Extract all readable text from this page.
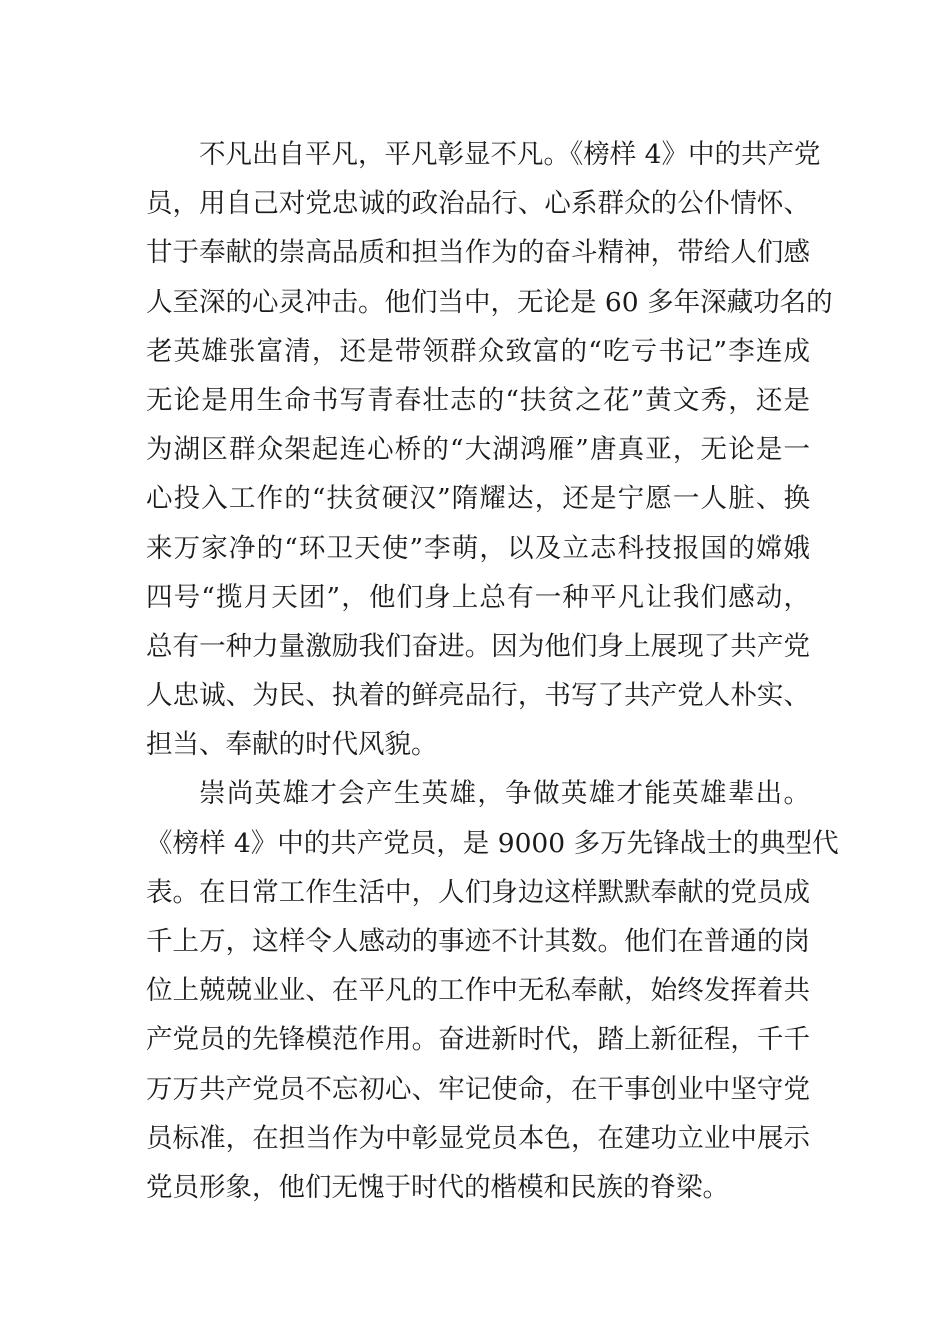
不凡出自平凡，平凡彰显不凡。《榜样 4》中的共产党
员，用自己对党忠诚的政治品行、心系群众的公仆情怀、
甘于奉献的崇高品质和担当作为的奋斗精神，带给人们感
人至深的心灵冲击。他们当中，无论是 60 多年深藏功名的
老英雄张富清，还是带领群众致富的“吃亏书记”李连成
无论是用生命书写青春壮志的“扶贫之花”黄文秀，还是
为湖区群众架起连心桥的“大湖鸿雁”唐真亚，无论是一
心投入工作的“扶贫硬汉”隋耀达，还是宁愿一人脏、换
来万家净的“环卫天使”李萌，以及立志科技报国的嫦娥
四号“揽月天团”，他们身上总有一种平凡让我们感动，
总有一种力量激励我们奋进。因为他们身上展现了共产党
人忠诚、为民、执着的鲜亮品行，书写了共产党人朴实、
担当、奉献的时代风貌。
崇尚英雄才会产生英雄，争做英雄才能英雄辈出。
《榜样 4》中的共产党员，是 9000 多万先锋战士的典型代
表。在日常工作生活中，人们身边这样默默奉献的党员成
千上万，这样令人感动的事迹不计其数。他们在普通的岗
位上兢兢业业、在平凡的工作中无私奉献，始终发挥着共
产党员的先锋模范作用。奋进新时代，踏上新征程，千千
万万共产党员不忘初心、牢记使命，在干事创业中坚守党
员标准，在担当作为中彰显党员本色，在建功立业中展示
党员形象，他们无愧于时代的楷模和民族的脊梁。
